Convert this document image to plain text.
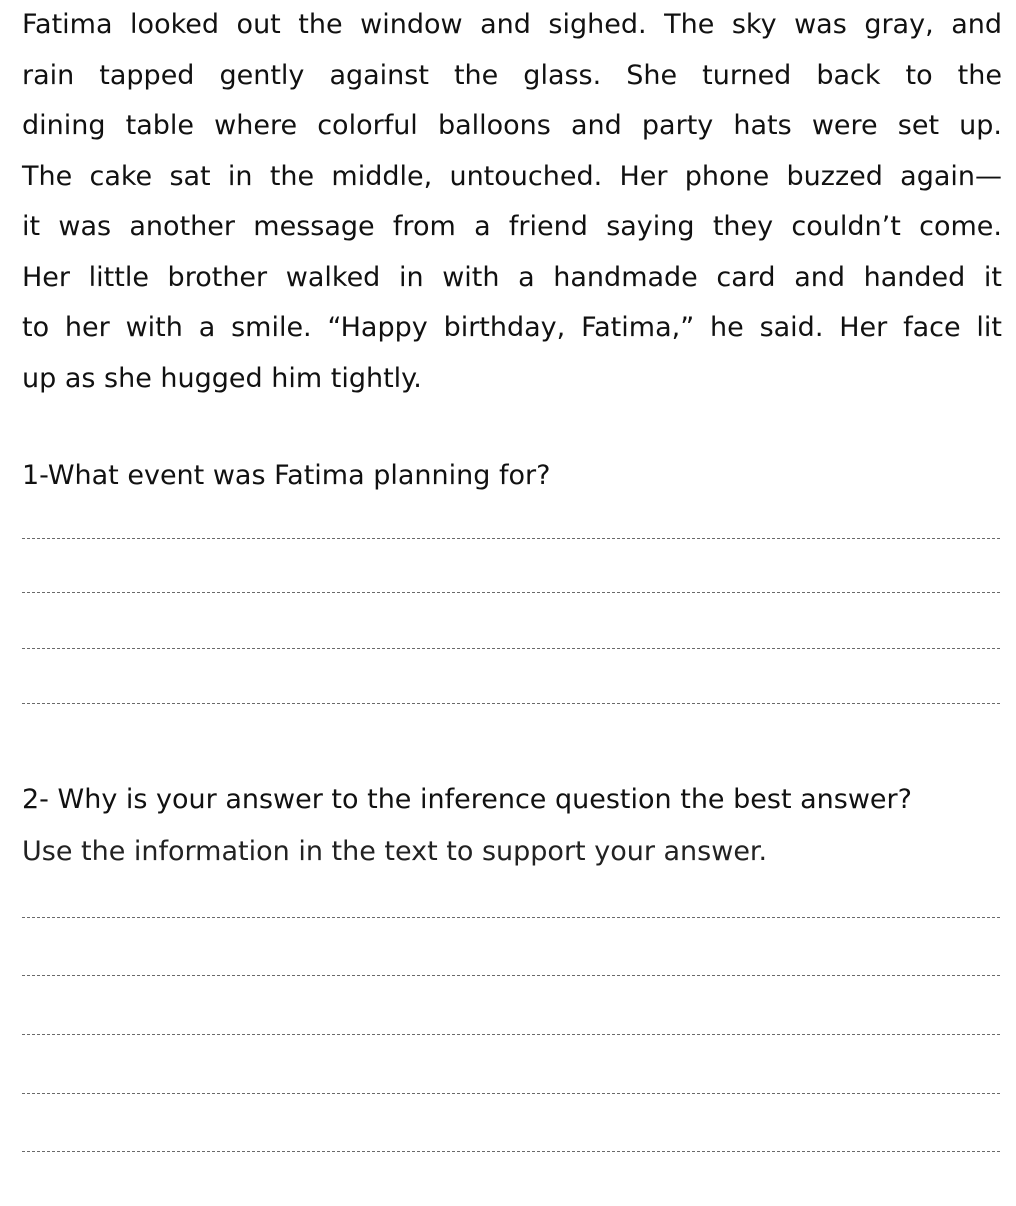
Fatima looked out the window and sighed. The sky was gray, and
rain tapped gently against the glass. She turned back to the
dining table where colorful balloons and party hats were set up.
The cake sat in the middle, untouched. Her phone buzzed again—
it was another message from a friend saying they couldn’t come.
Her little brother walked in with a handmade card and handed it
to her with a smile. “Happy birthday, Fatima,” he said. Her face lit
up as she hugged him tightly.
1-What event was Fatima planning for?
2- Why is your answer to the inference question the best answer?
Use the information in the text to support your answer.
